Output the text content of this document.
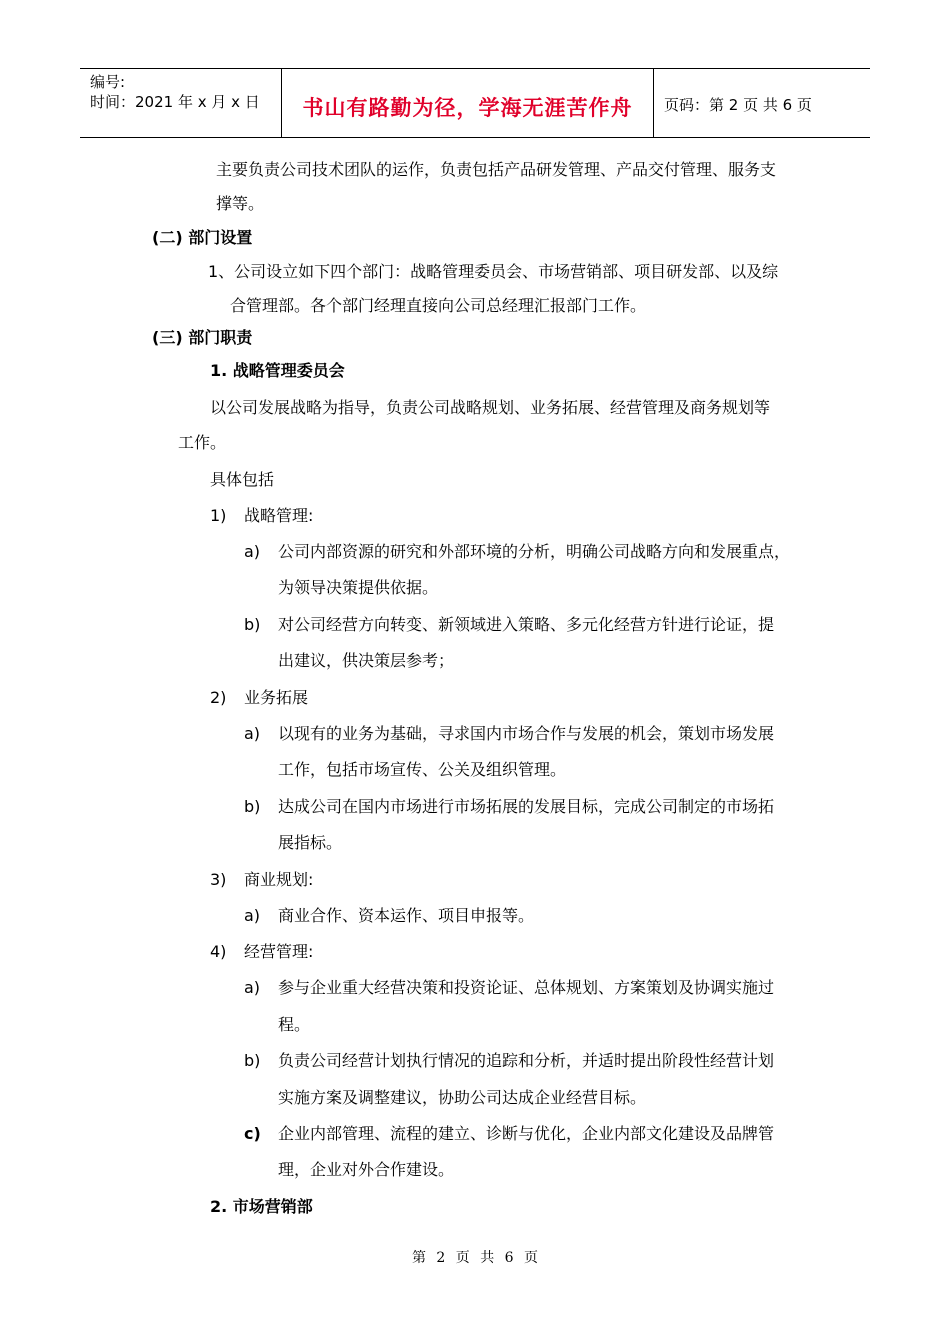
编号:
时间：2021 年 x 月 x 日	书山有路勤为径，学海无涯苦作舟	页码：第 2 页 共 6 页
主要负责公司技术团队的运作，负责包括产品研发管理、产品交付管理、服务支
撑等。
(二) 部门设置
1、公司设立如下四个部门：战略管理委员会、市场营销部、项目研发部、以及综
合管理部。各个部门经理直接向公司总经理汇报部门工作。
(三) 部门职责
1. 战略管理委员会
以公司发展战略为指导，负责公司战略规划、业务拓展、经营管理及商务规划等
工作。
具体包括
1) 战略管理:
a) 公司内部资源的研究和外部环境的分析，明确公司战略方向和发展重点，
为领导决策提供依据。
b) 对公司经营方向转变、新领域进入策略、多元化经营方针进行论证，提
出建议，供决策层参考；
2) 业务拓展
a) 以现有的业务为基础，寻求国内市场合作与发展的机会，策划市场发展
工作，包括市场宣传、公关及组织管理。
b) 达成公司在国内市场进行市场拓展的发展目标，完成公司制定的市场拓
展指标。
3) 商业规划:
a) 商业合作、资本运作、项目申报等。
4) 经营管理:
a) 参与企业重大经营决策和投资论证、总体规划、方案策划及协调实施过
程。
b) 负责公司经营计划执行情况的追踪和分析，并适时提出阶段性经营计划
实施方案及调整建议，协助公司达成企业经营目标。
c) 企业内部管理、流程的建立、诊断与优化，企业内部文化建设及品牌管
理，企业对外合作建设。
2. 市场营销部
第 2 页 共 6 页
